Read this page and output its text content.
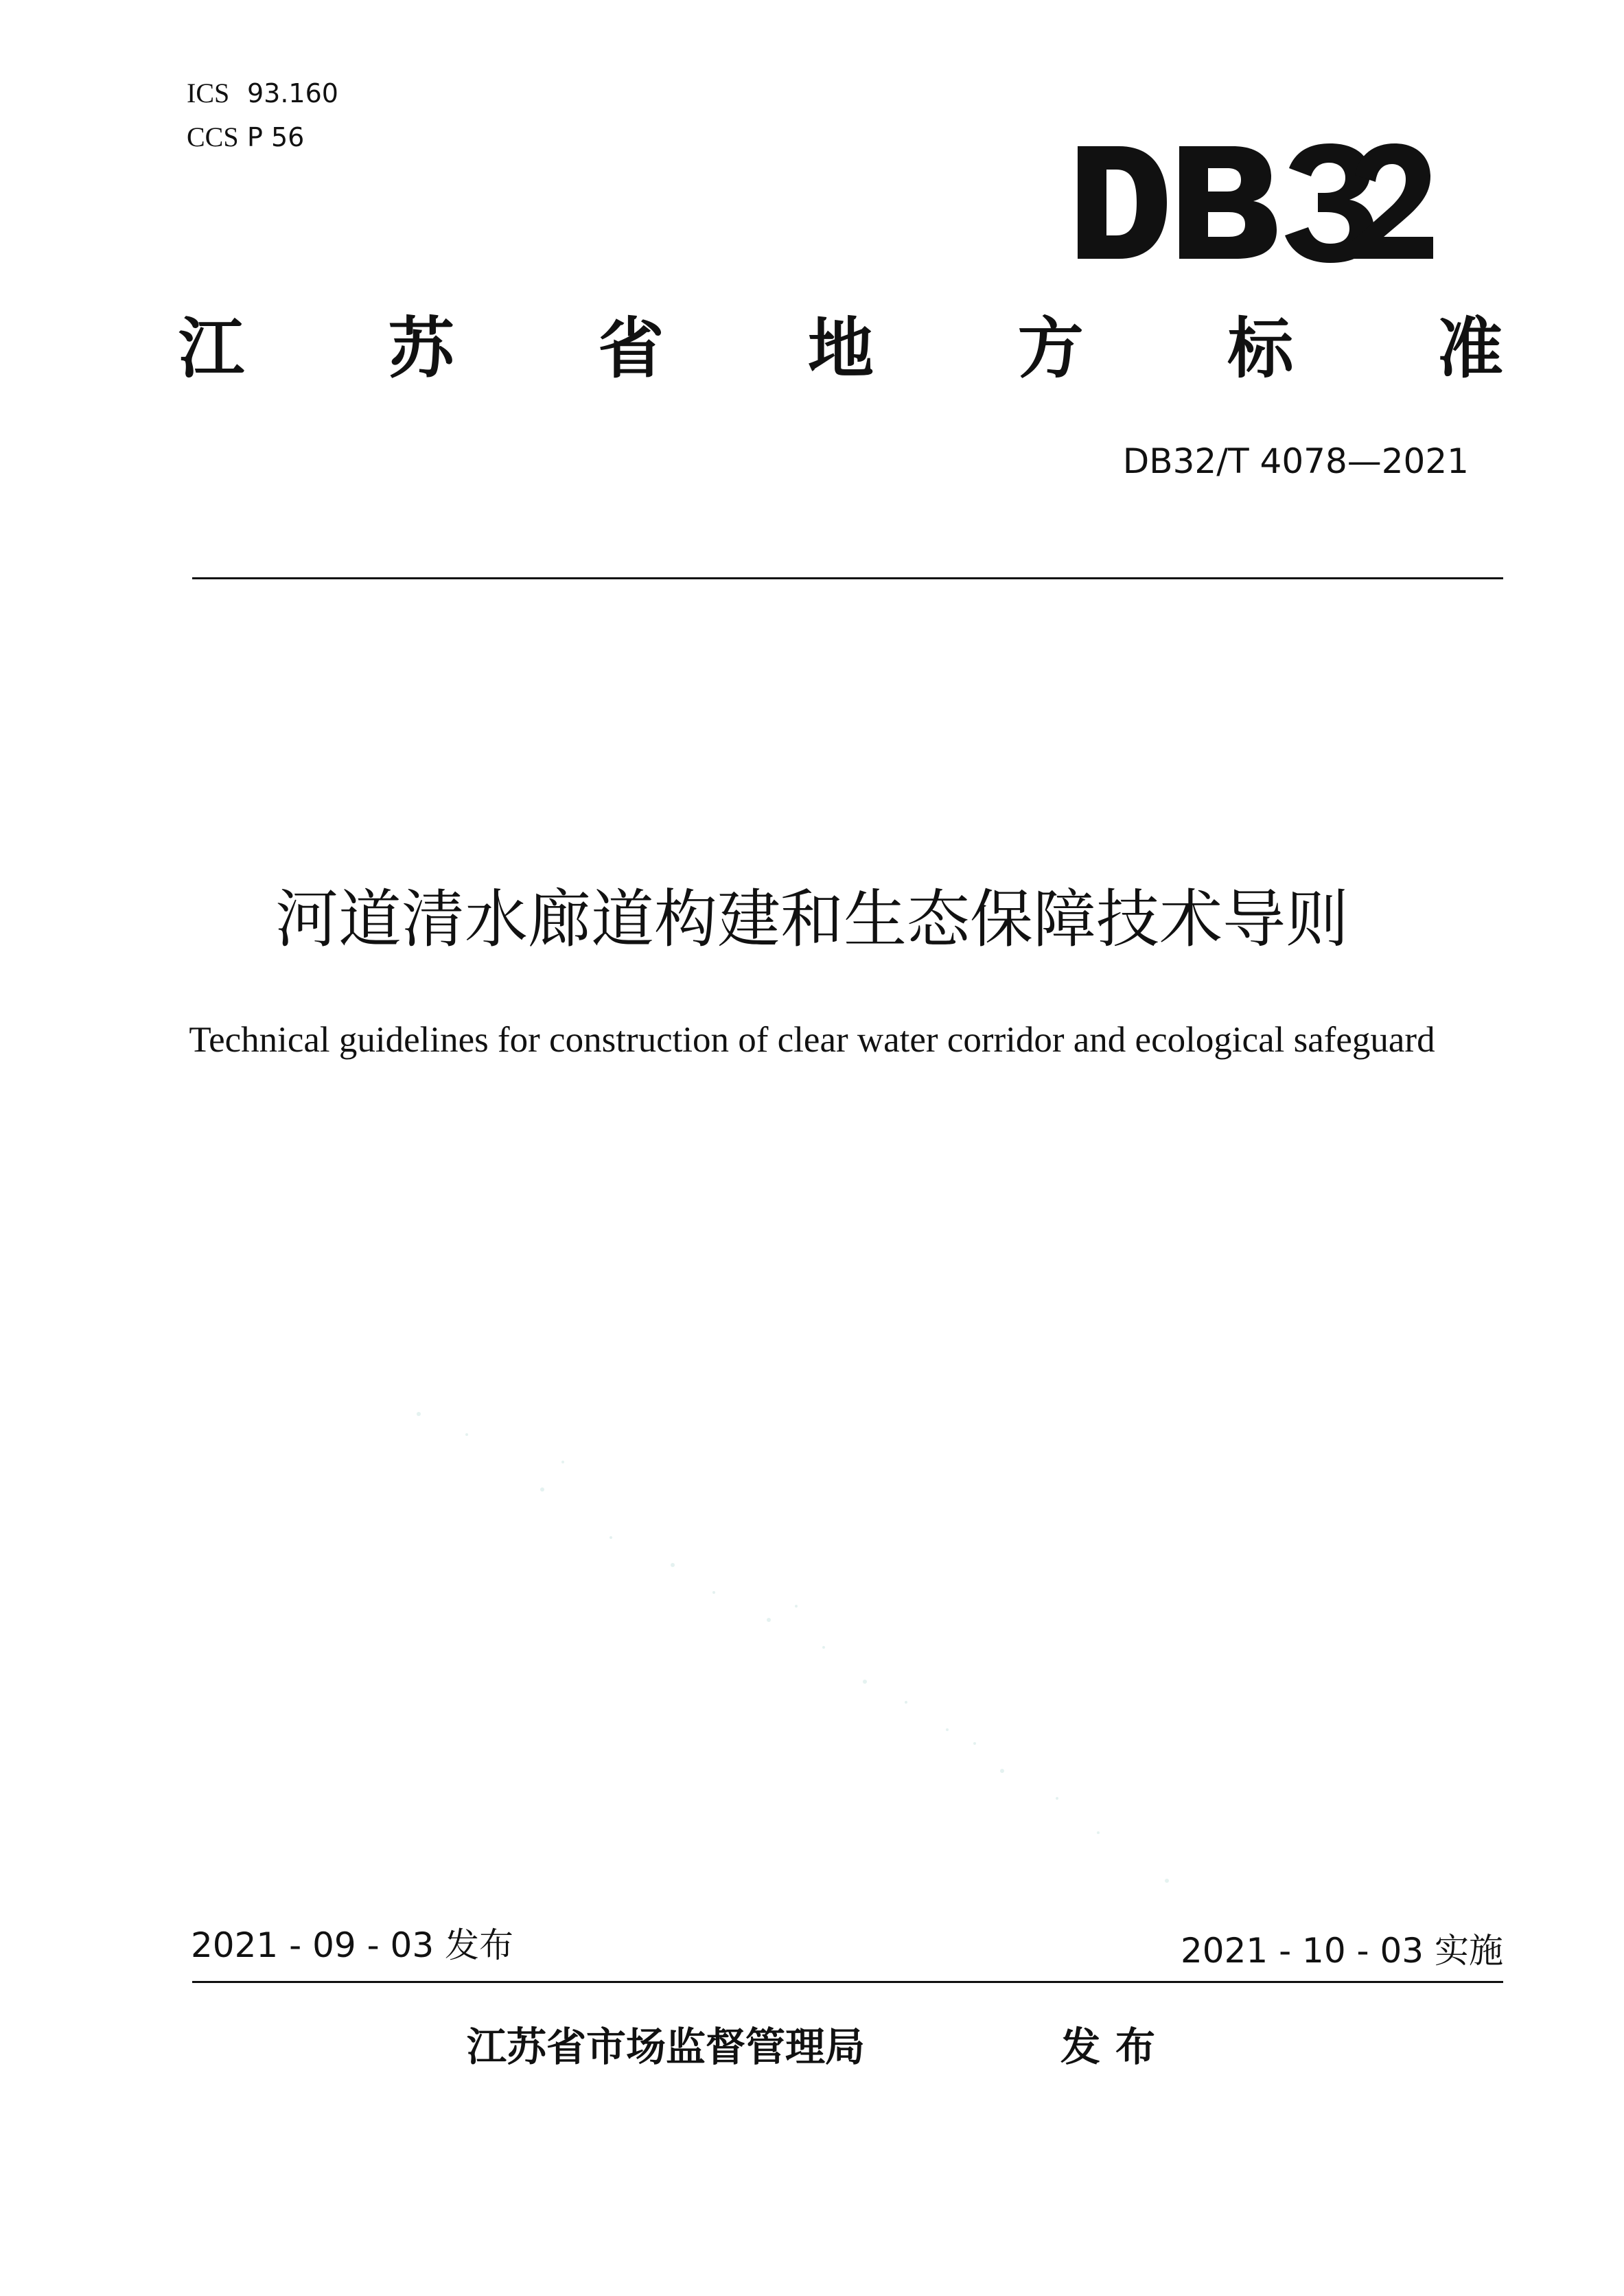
ICS 93.160
CCS P 56
江 苏 省 地 方 标 准
DB32/T 4078—2021
河道清水廊道构建和生态保障技术导则
Technical guidelines for construction of clear water corridor and ecological safeguard
2021 - 09 - 03 发布	2021 - 10 - 03 实施
江苏省市场监督管理局	发布
